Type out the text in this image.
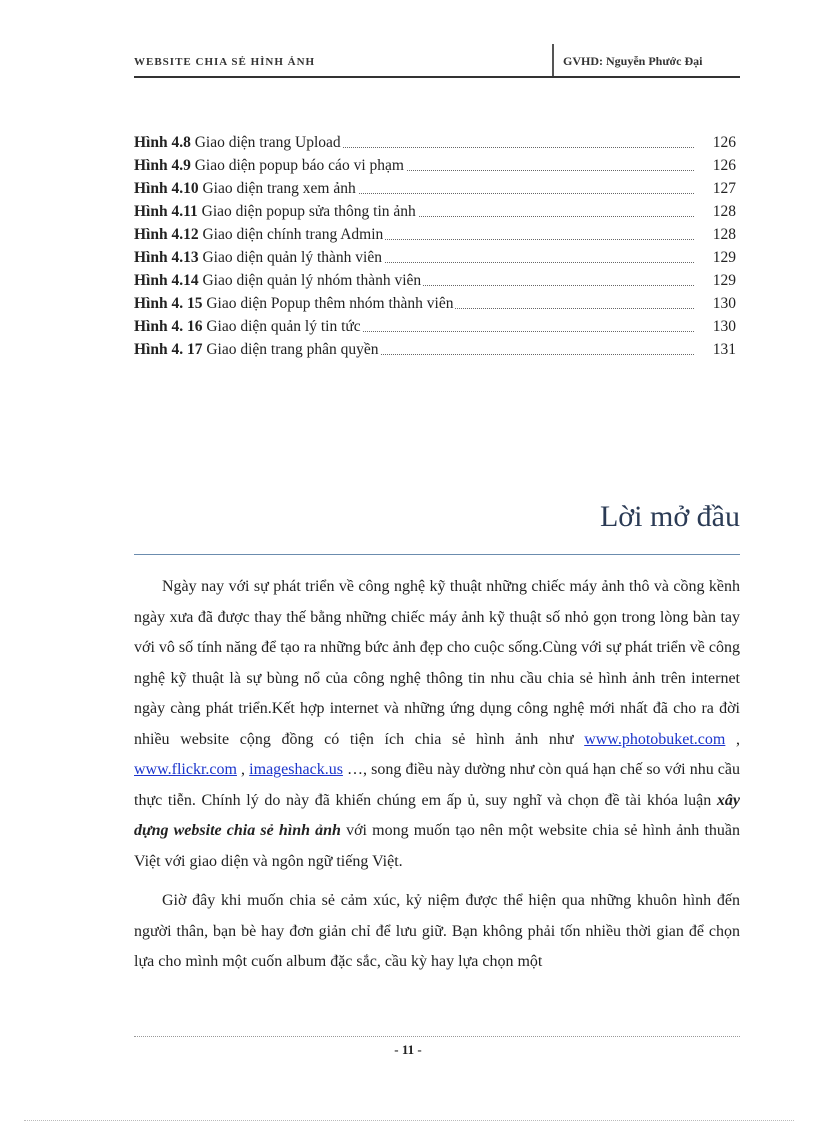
WEBSITE CHIA SẺ HÌNH ẢNH	GVHD: Nguyễn Phước Đại
Hình 4.8 Giao diện trang Upload	126
Hình 4.9 Giao diện popup báo cáo vi phạm	126
Hình 4.10 Giao diện trang xem ảnh	127
Hình 4.11 Giao diện popup sửa thông tin ảnh	128
Hình 4.12 Giao diện chính trang Admin	128
Hình 4.13 Giao diện quản lý thành viên	129
Hình 4.14 Giao diện quản lý nhóm thành viên	129
Hình 4. 15 Giao diện Popup thêm nhóm thành viên	130
Hình 4. 16 Giao diện quản lý tin tức	130
Hình 4. 17 Giao diện trang phân quyền	131
Lời mở đầu

Ngày nay với sự phát triển về công nghệ kỹ thuật những chiếc máy ảnh thô và cồng kềnh ngày xưa đã được thay thế bằng những chiếc máy ảnh kỹ thuật số nhỏ gọn trong lòng bàn tay với vô số tính năng để tạo ra những bức ảnh đẹp cho cuộc sống.Cùng với sự phát triển về công nghệ kỹ thuật là sự bùng nổ của công nghệ thông tin nhu cầu chia sẻ hình ảnh trên internet ngày càng phát triển.Kết hợp internet và những ứng dụng công nghệ mới nhất đã cho ra đời nhiều website cộng đồng có tiện ích chia sẻ hình ảnh như www.photobuket.com , www.flickr.com , imageshack.us …, song điều này dường như còn quá hạn chế so với nhu cầu thực tiễn. Chính lý do này đã khiến chúng em ấp ủ, suy nghĩ và chọn đề tài khóa luận xây dựng website chia sẻ hình ảnh với mong muốn tạo nên một website chia sẻ hình ảnh thuần Việt với giao diện và ngôn ngữ tiếng Việt.

Giờ đây khi muốn chia sẻ cảm xúc, kỷ niệm được thể hiện qua những khuôn hình đến người thân, bạn bè hay đơn giản chỉ để lưu giữ. Bạn không phải tốn nhiều thời gian để chọn lựa cho mình một cuốn album đặc sắc, cầu kỳ hay lựa chọn một

- 11 -
